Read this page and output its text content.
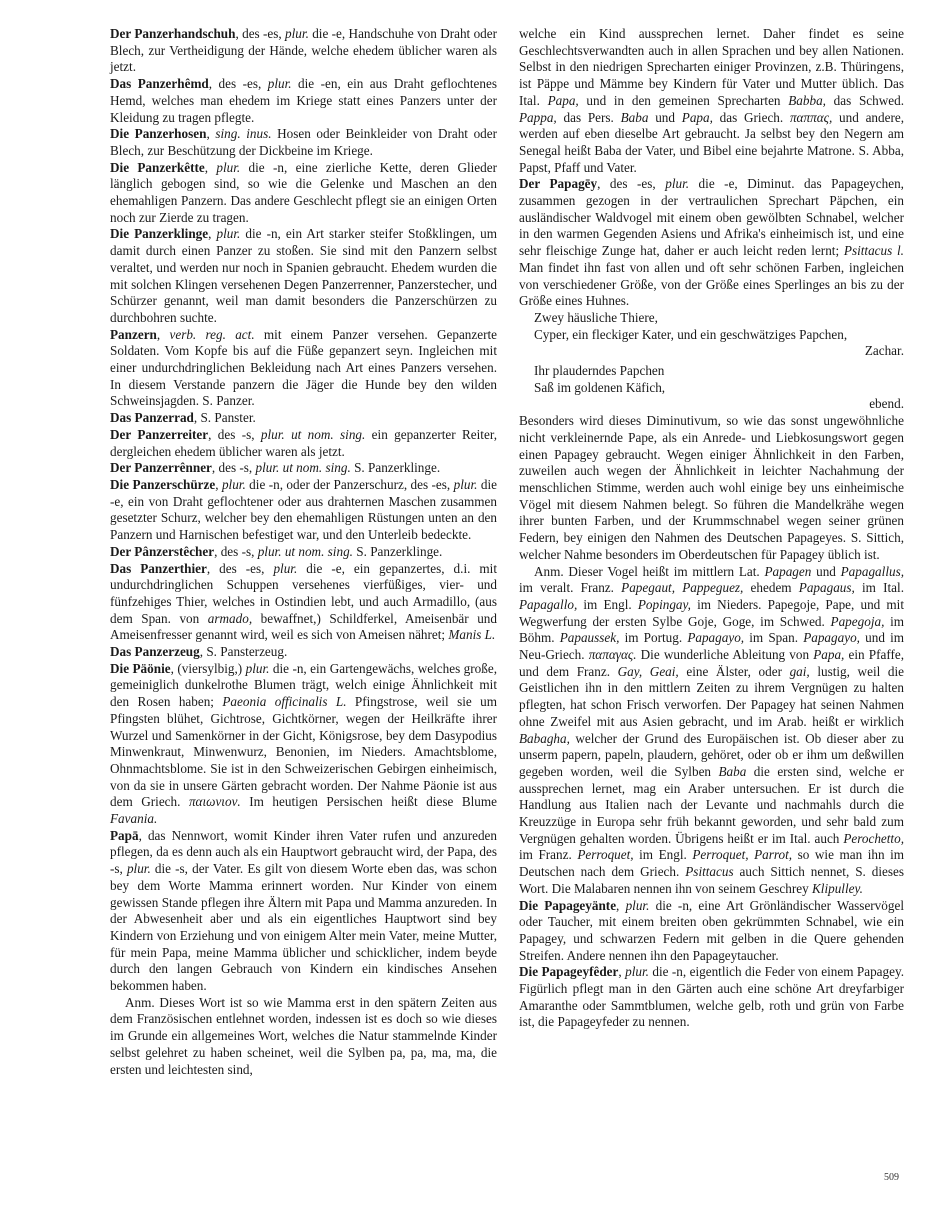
Der Panzerhandschuh, des -es, plur. die -e, Handschuhe von Draht oder Blech, zur Vertheidigung der Hände, welche ehedem üblicher waren als jetzt.

Das Panzerhêmd, des -es, plur. die -en, ein aus Draht geflochtenes Hemd, welches man ehedem im Kriege statt eines Panzers unter der Kleidung zu tragen pflegte.

Die Panzerhosen, sing. inus. Hosen oder Beinkleider von Draht oder Blech, zur Beschützung der Dickbeine im Kriege.

Die Panzerkêtte, plur. die -n, eine zierliche Kette, deren Glieder länglich gebogen sind, so wie die Gelenke und Maschen an den ehemahligen Panzern. Das andere Geschlecht pflegt sie an einigen Orten noch zur Zierde zu tragen.

Die Panzerklinge, plur. die -n, ein Art starker steifer Stoßklingen, um damit durch einen Panzer zu stoßen. Sie sind mit den Panzern selbst veraltet, und werden nur noch in Spanien gebraucht. Ehedem wurden die mit solchen Klingen versehenen Degen Panzerrenner, Panzerstecher, und Schürzer genannt, weil man damit besonders die Panzerschürzen zu durchbohren suchte.

Panzern, verb. reg. act. mit einem Panzer versehen. Gepanzerte Soldaten. Vom Kopfe bis auf die Füße gepanzert seyn. Ingleichen mit einer undurchdringlichen Bekleidung nach Art eines Panzers versehen. In diesem Verstande panzern die Jäger die Hunde bey den wilden Schweinsjagden. S. Panzer.

Das Panzerrad, S. Panster.

Der Panzerreiter, des -s, plur. ut nom. sing. ein gepanzerter Reiter, dergleichen ehedem üblicher waren als jetzt.

Der Panzerrênner, des -s, plur. ut nom. sing. S. Panzerklinge.

Die Panzerschürze, plur. die -n, oder der Panzerschurz, des -es, plur. die -e, ein von Draht geflochtener oder aus drahternen Maschen zusammen gesetzter Schurz, welcher bey den ehemahligen Rüstungen unten an den Panzern und Harnischen befestiget war, und den Unterleib bedeckte.

Der Pânzerstêcher, des -s, plur. ut nom. sing. S. Panzerklinge.

Das Panzerthier, des -es, plur. die -e, ein gepanzertes, d.i. mit undurchdringlichen Schuppen versehenes vierfüßiges, vier- und fünfzehiges Thier, welches in Ostindien lebt, und auch Armadillo, (aus dem Span. von armado, bewaffnet,) Schildferkel, Ameisenbär und Ameisenfresser genannt wird, weil es sich von Ameisen nähret; Manis L.

Das Panzerzeug, S. Pansterzeug.

Die Päönie, (viersylbig,) plur. die -n, ein Gartengewächs, welches große, gemeiniglich dunkelrothe Blumen trägt, welch einige Ähnlichkeit mit den Rosen haben; Paeonia officinalis L. Pfingstrose, weil sie um Pfingsten blühet, Gichtrose, Gichtkörner, wegen der Heilkräfte ihrer Wurzel und Samenkörner in der Gicht, Königsrose, bey dem Dasypodius Minwenkraut, Minwenwurz, Benonien, im Nieders. Amachtsblome, Ohnmachtsblome. Sie ist in den Schweizerischen Gebirgen einheimisch, von da sie in unsere Gärten gebracht worden. Der Nahme Päonie ist aus dem Griech. παιωνιον. Im heutigen Persischen heißt diese Blume Favania.

Papā, das Nennwort, womit Kinder ihren Vater rufen und anzureden pflegen, da es denn auch als ein Hauptwort gebraucht wird, der Papa, des -s, plur. die -s, der Vater. Es gilt von diesem Worte eben das, was schon bey dem Worte Mamma erinnert worden. Nur Kinder von einem gewissen Stande pflegen ihre Ältern mit Papa und Mamma anzureden. In der Abwesenheit aber und als ein eigentliches Hauptwort sind bey Kindern von Erziehung und von einigem Alter mein Vater, meine Mutter, für mein Papa, meine Mamma üblicher und schicklicher, indem beyde durch den langen Gebrauch von Kindern ein kindisches Ansehen bekommen haben.

Anm. Dieses Wort ist so wie Mamma erst in den spätern Zeiten aus dem Französischen entlehnet worden, indessen ist es doch so wie dieses im Grunde ein allgemeines Wort, welches die Natur stammelnde Kinder selbst gelehret zu haben scheinet, weil die Sylben pa, pa, ma, ma, die ersten und leichtesten sind,

welche ein Kind aussprechen lernet. Daher findet es seine Geschlechtsverwandten auch in allen Sprachen und bey allen Nationen. Selbst in den niedrigen Sprecharten einiger Provinzen, z.B. Thüringens, ist Päppe und Mämme bey Kindern für Vater und Mutter üblich. Das Ital. Papa, und in den gemeinen Sprecharten Babba, das Schwed. Pappa, das Pers. Baba und Papa, das Griech. παππας, und andere, werden auf eben dieselbe Art gebraucht. Ja selbst bey den Negern am Senegal heißt Baba der Vater, und Bibel eine bejahrte Matrone. S. Abba, Papst, Pfaff und Vater.

Der Papagēy, des -es, plur. die -e, Diminut. das Papageychen, zusammen gezogen in der vertraulichen Sprechart Päpchen, ein ausländischer Waldvogel mit einem oben gewölbten Schnabel, welcher in den warmen Gegenden Asiens und Afrika's einheimisch ist, und eine sehr fleischige Zunge hat, daher er auch leicht reden lernt; Psittacus l. Man findet ihn fast von allen und oft sehr schönen Farben, ingleichen von verschiedener Größe, von der Größe eines Sperlinges an bis zu der Größe eines Huhnes.

Zwey häusliche Thiere,

Cyper, ein fleckiger Kater, und ein geschwätziges Papchen,

Zachar.

Ihr plauderndes Papchen

Saß im goldenen Käfich,

ebend.

Besonders wird dieses Diminutivum, so wie das sonst ungewöhnliche nicht verkleinernde Pape, als ein Anrede- und Liebkosungswort gegen einen Papagey gebraucht. Wegen einiger Ähnlichkeit in den Farben, zuweilen auch wegen der Ähnlichkeit in leichter Nachahmung der menschlichen Stimme, werden auch wohl einige bey uns einheimische Vögel mit diesem Nahmen belegt. So führen die Mandelkrähe wegen ihrer bunten Farben, und der Krummschnabel wegen seiner grünen Federn, bey einigen den Nahmen des Deutschen Papageyes. S. Sittich, welcher Nahme besonders im Oberdeutschen für Papagey üblich ist.

Anm. Dieser Vogel heißt im mittlern Lat. Papagen und Papagallus, im veralt. Franz. Papegaut, Pappeguez, ehedem Papagaus, im Ital. Papagallo, im Engl. Popingay, im Nieders. Papegoje, Pape, und mit Wegwerfung der ersten Sylbe Goje, Goge, im Schwed. Papegoja, im Böhm. Papaussek, im Portug. Papagayo, im Span. Papagayo, und im Neu-Griech. παπαγας. Die wunderliche Ableitung von Papa, ein Pfaffe, und dem Franz. Gay, Geai, eine Älster, oder gai, lustig, weil die Geistlichen ihn in den mittlern Zeiten zu ihrem Vergnügen zu halten pflegten, hat schon Frisch verworfen. Der Papagey hat seinen Nahmen ohne Zweifel mit aus Asien gebracht, und im Arab. heißt er wirklich Babagha, welcher der Grund des Europäischen ist. Ob dieser aber zu unserm papern, papeln, plaudern, gehöret, oder ob er ihm um deßwillen gegeben worden, weil die Sylben Baba die ersten sind, welche er aussprechen lernet, mag ein Araber untersuchen. Er ist durch die Handlung aus Italien nach der Levante und nachmahls durch die Kreuzzüge in Europa sehr früh bekannt geworden, und sehr bald zum Vergnügen gehalten worden. Übrigens heißt er im Ital. auch Perochetto, im Franz. Perroquet, im Engl. Perroquet, Parrot, so wie man ihn im Deutschen nach dem Griech. Psittacus auch Sittich nennet, S. dieses Wort. Die Malabaren nennen ihn von seinem Geschrey Klipulley.

Die Papageyänte, plur. die -n, eine Art Grönländischer Wasservögel oder Taucher, mit einem breiten oben gekrümmten Schnabel, wie ein Papagey, und schwarzen Federn mit gelben in die Quere gehenden Streifen. Andere nennen ihn den Papageytaucher.

Die Papageyfêder, plur. die -n, eigentlich die Feder von einem Papagey. Figürlich pflegt man in den Gärten auch eine schöne Art dreyfarbiger Amaranthe oder Sammtblumen, welche gelb, roth und grün von Farbe ist, die Papageyfeder zu nennen.

509
